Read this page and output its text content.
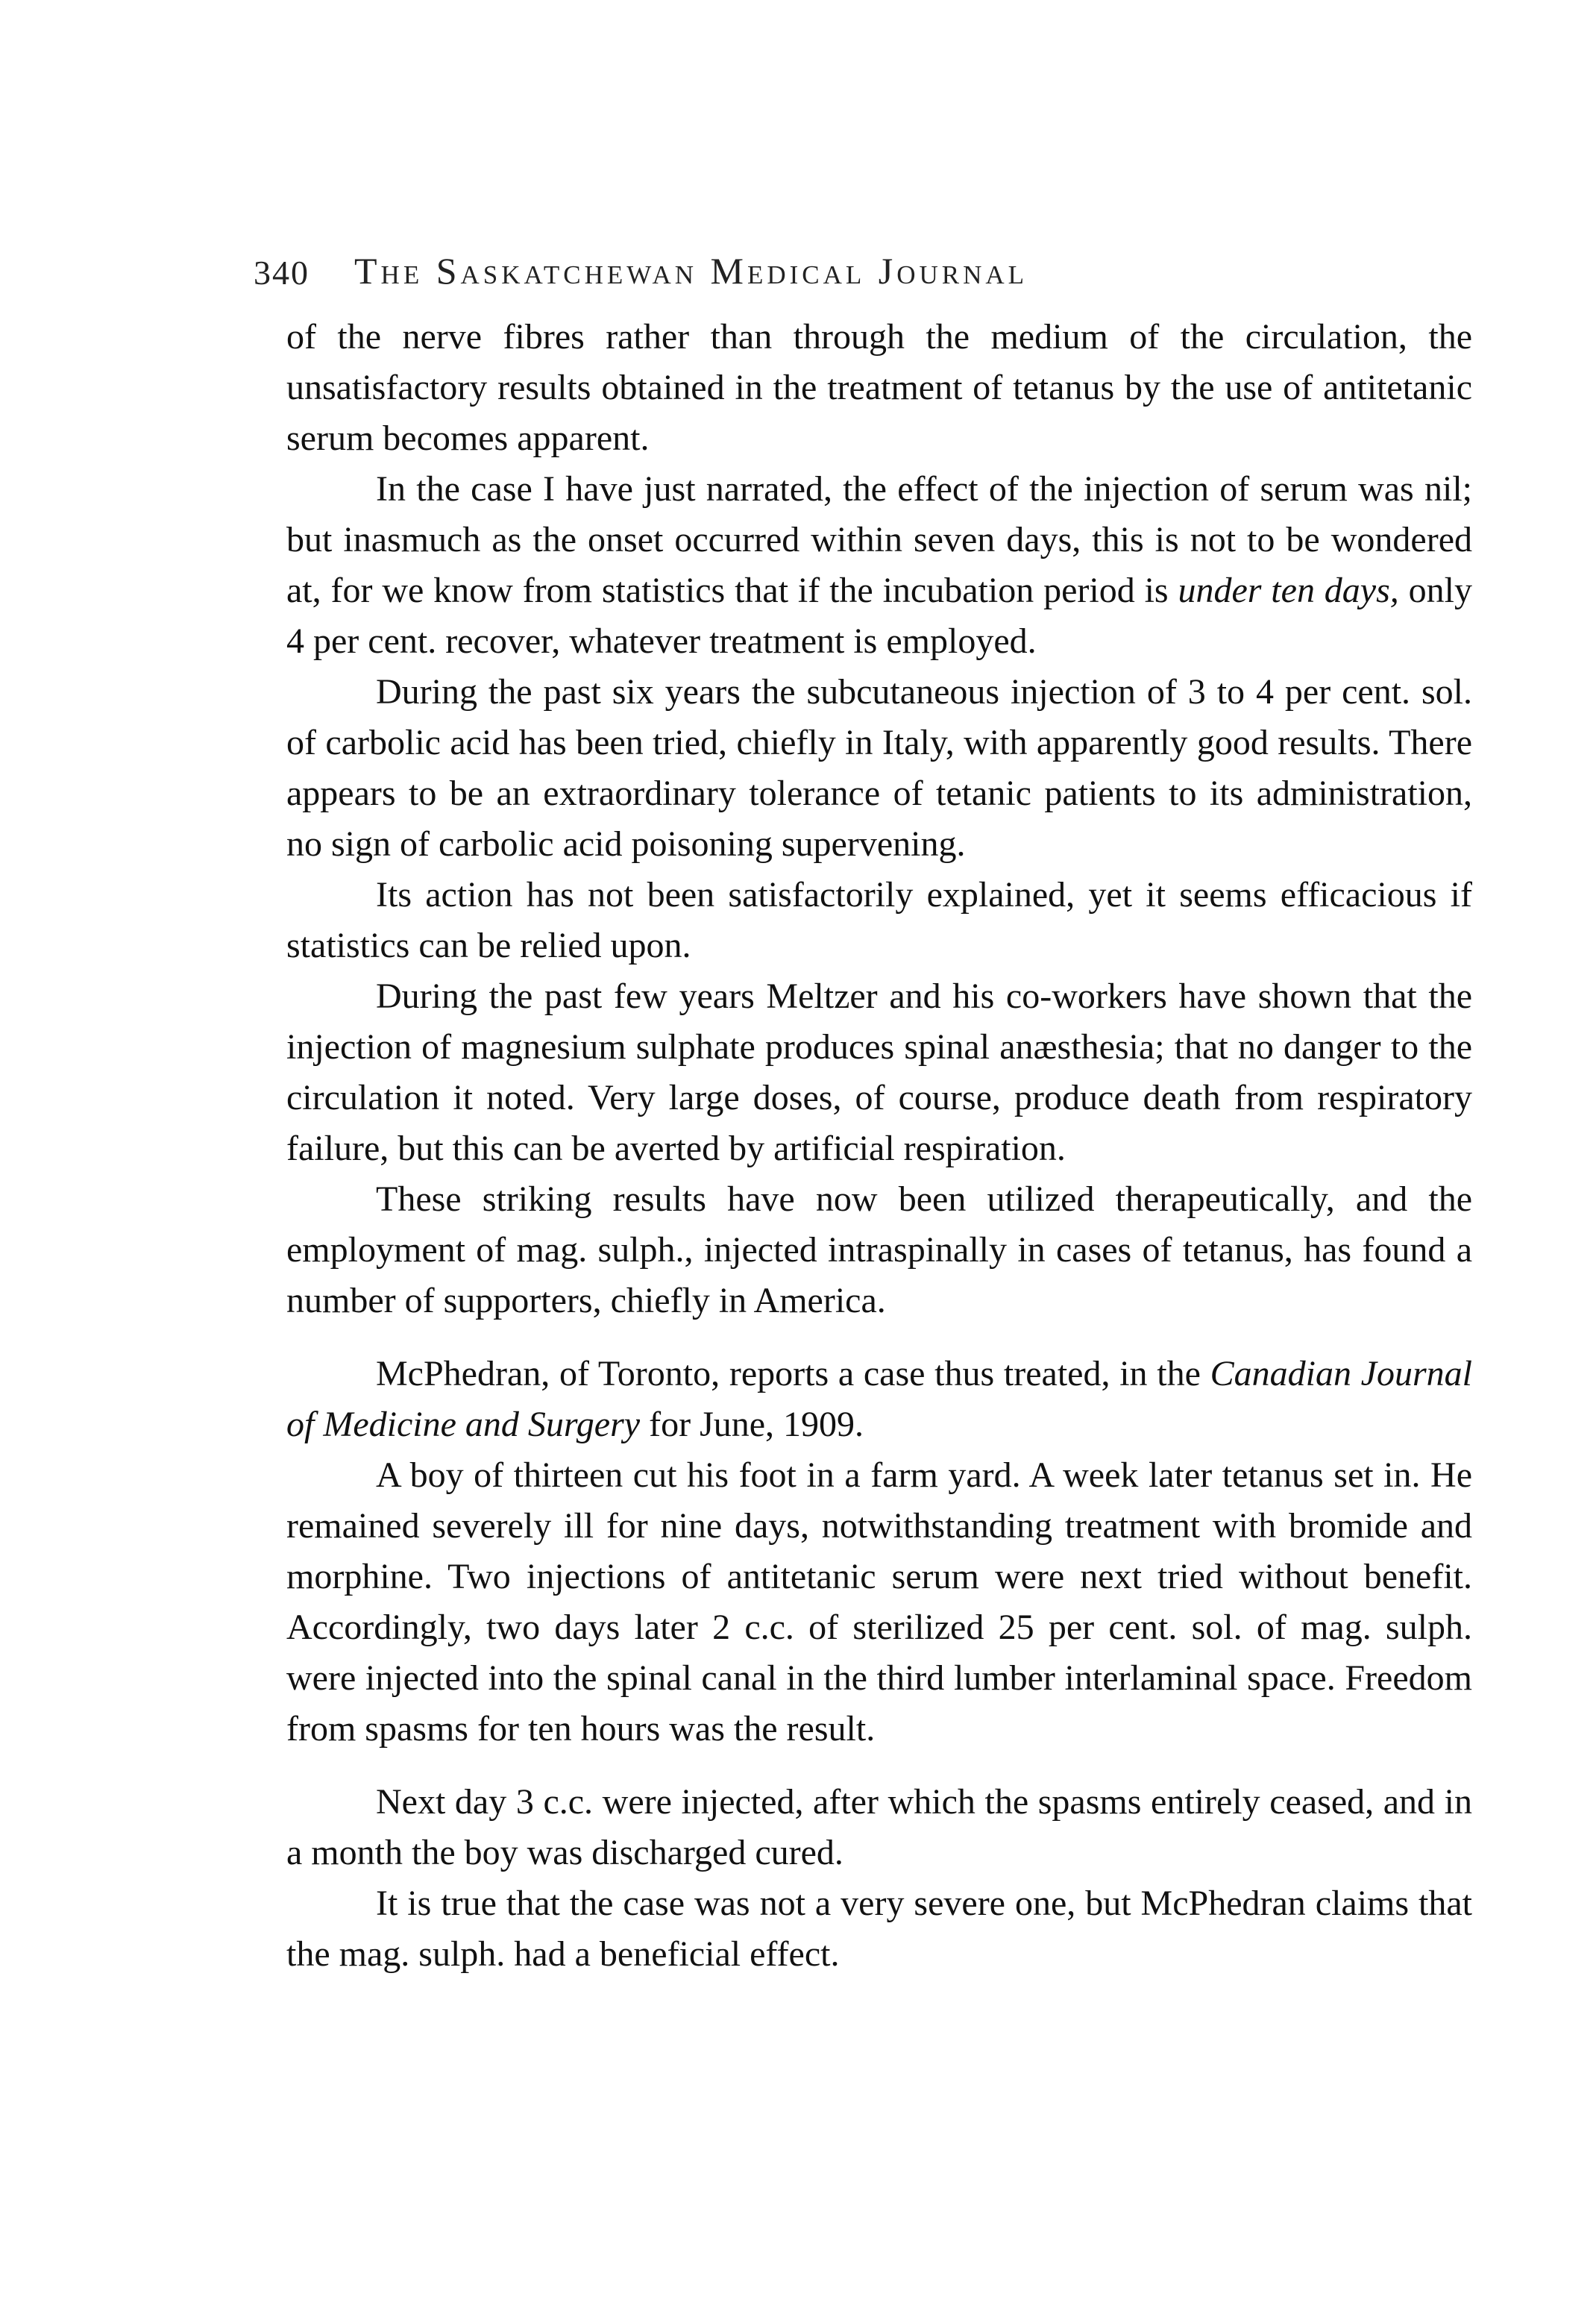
340 The Saskatchewan Medical Journal

of the nerve fibres rather than through the medium of the circulation, the unsatisfactory results obtained in the treatment of tetanus by the use of antitetanic serum becomes apparent.

In the case I have just narrated, the effect of the injection of serum was nil; but inasmuch as the onset occurred within seven days, this is not to be wondered at, for we know from statistics that if the incubation period is under ten days, only 4 per cent. recover, whatever treatment is employed.

During the past six years the subcutaneous injection of 3 to 4 per cent. sol. of carbolic acid has been tried, chiefly in Italy, with apparently good results. There appears to be an extraordinary tolerance of tetanic patients to its administration, no sign of carbolic acid poisoning supervening.

Its action has not been satisfactorily explained, yet it seems efficacious if statistics can be relied upon.

During the past few years Meltzer and his co-workers have shown that the injection of magnesium sulphate produces spinal anæsthesia; that no danger to the circulation it noted. Very large doses, of course, produce death from respiratory failure, but this can be averted by artificial respiration.

These striking results have now been utilized therapeutically, and the employment of mag. sulph., injected intraspinally in cases of tetanus, has found a number of supporters, chiefly in America.

McPhedran, of Toronto, reports a case thus treated, in the Canadian Journal of Medicine and Surgery for June, 1909.

A boy of thirteen cut his foot in a farm yard. A week later tetanus set in. He remained severely ill for nine days, notwithstanding treatment with bromide and morphine. Two injections of antitetanic serum were next tried without benefit. Accordingly, two days later 2 c.c. of sterilized 25 per cent. sol. of mag. sulph. were injected into the spinal canal in the third lumber interlaminal space. Freedom from spasms for ten hours was the result.

Next day 3 c.c. were injected, after which the spasms entirely ceased, and in a month the boy was discharged cured.

It is true that the case was not a very severe one, but McPhedran claims that the mag. sulph. had a beneficial effect.
